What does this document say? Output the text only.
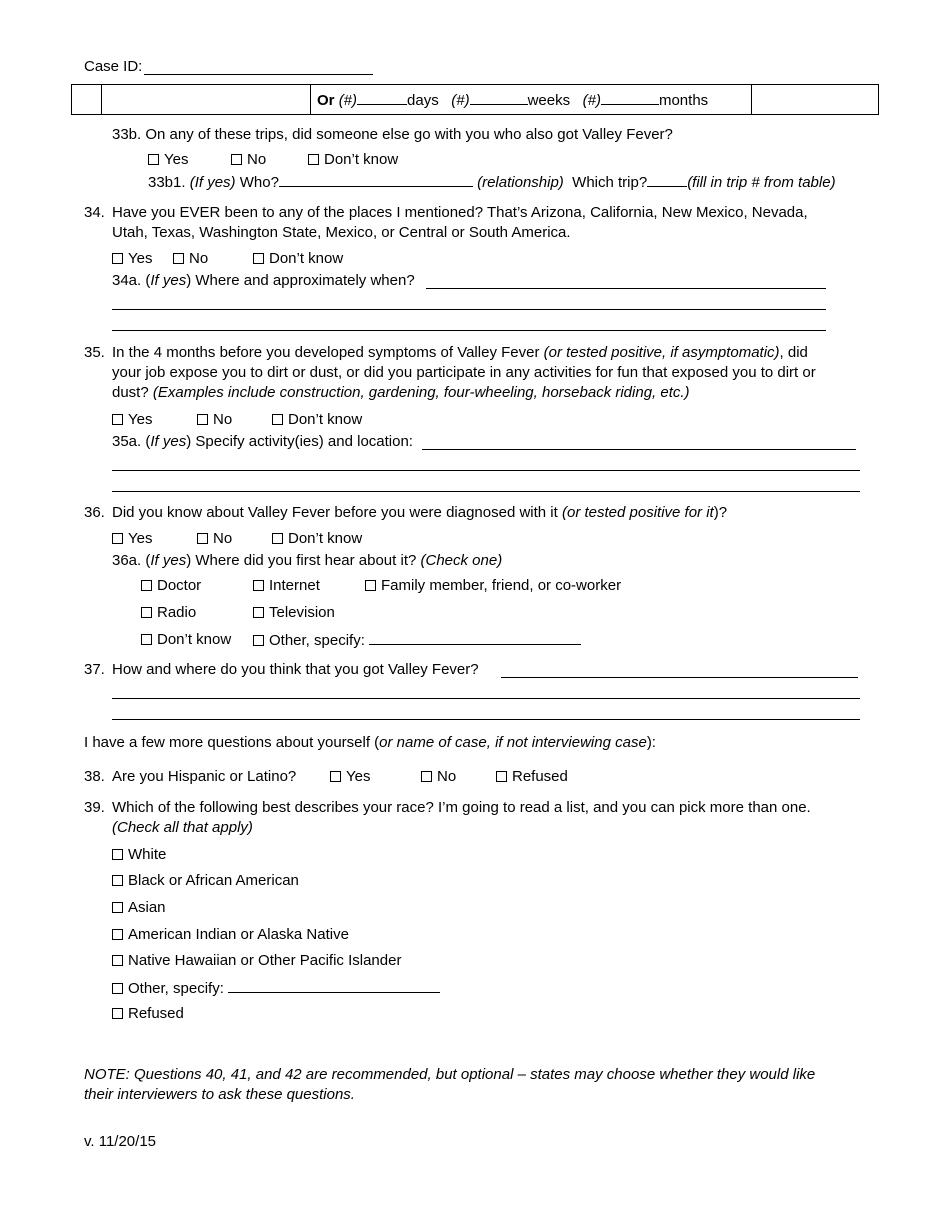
Case ID:
		Or (#)	days (#)	weeks (#)	months	
33b. On any of these trips, did someone else go with you who also got Valley Fever?
Yes	No	Don’t know
33b1. (If yes) Who?	(relationship) Which trip?	(fill in trip # from table)
34. Have you EVER been to any of the places I mentioned? That’s Arizona, California, New Mexico, Nevada,
Utah, Texas, Washington State, Mexico, or Central or South America.
Yes	No	Don’t know
34a. (If yes) Where and approximately when?
35. In the 4 months before you developed symptoms of Valley Fever (or tested positive, if asymptomatic), did
your job expose you to dirt or dust, or did you participate in any activities for fun that exposed you to dirt or
dust? (Examples include construction, gardening, four-wheeling, horseback riding, etc.)
Yes	No	Don’t know
35a. (If yes) Specify activity(ies) and location:
36. Did you know about Valley Fever before you were diagnosed with it (or tested positive for it)?
Yes	No	Don’t know
36a. (If yes) Where did you first hear about it? (Check one)
Doctor	Internet	Family member, friend, or co-worker
Radio	Television
Don’t know	Other, specify:
37. How and where do you think that you got Valley Fever?
I have a few more questions about yourself (or name of case, if not interviewing case):
38. Are you Hispanic or Latino?	Yes	No	Refused
39. Which of the following best describes your race? I’m going to read a list, and you can pick more than one.
(Check all that apply)
White
Black or African American
Asian
American Indian or Alaska Native
Native Hawaiian or Other Pacific Islander
Other, specify:
Refused
NOTE: Questions 40, 41, and 42 are recommended, but optional – states may choose whether they would like
their interviewers to ask these questions.
v. 11/20/15
